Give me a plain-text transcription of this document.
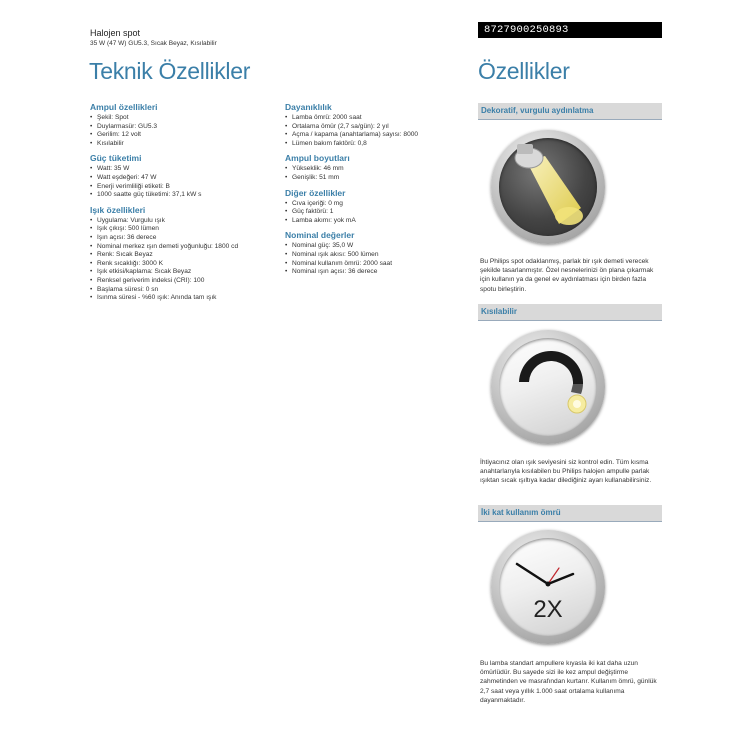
Halojen spot
35 W (47 W) GU5.3, Sıcak Beyaz, Kısılabilir
8727900250893
Teknik Özellikler	Özellikler
Ampul özellikleri
• Şekil: Spot
• Duylarmasür: GU5.3
• Gerilim: 12 volt
• Kısılabilir
Güç tüketimi
• Watt: 35 W
• Watt eşdeğeri: 47 W
• Enerji verimliliği etiketi: B
• 1000 saatte güç tüketimi: 37,1 kW s
Işık özellikleri
• Uygulama: Vurgulu ışık
• Işık çıkışı: 500 lümen
• Işın açısı: 36 derece
• Nominal merkez ışın demeti yoğunluğu: 1800 cd
• Renk: Sıcak Beyaz
• Renk sıcaklığı: 3000 K
• Işık etkisi/kaplama: Sıcak Beyaz
• Renksel geriverim indeksi (CRI): 100
• Başlama süresi: 0 sn
• Isınma süresi - %60 ışık: Anında tam ışık
Dayanıklılık
• Lamba ömrü: 2000 saat
• Ortalama ömür (2,7 sa/gün): 2 yıl
• Açma / kapama (anahtarlama) sayısı: 8000
• Lümen bakım faktörü: 0,8
Ampul boyutları
• Yükseklik: 46 mm
• Genişlik: 51 mm
Diğer özellikler
• Cıva içeriği: 0 mg
• Güç faktörü: 1
• Lamba akımı: yok mA
Nominal değerler
• Nominal güç: 35,0 W
• Nominal ışık akısı: 500 lümen
• Nominal kullanım ömrü: 2000 saat
• Nominal ışın açısı: 36 derece
Dekoratif, vurgulu aydınlatma
Bu Philips spot odaklanmış, parlak bir ışık demeti verecek şekilde tasarlanmıştır. Özel nesnelerinizi ön plana çıkarmak için kullanın ya da genel ev aydınlatması için birden fazla spotu birleştirin.
Kısılabilir
İhtiyacınız olan ışık seviyesini siz kontrol edin. Tüm kısma anahtarlarıyla kısılabilen bu Philips halojen ampulle parlak ışıktan sıcak ışıltıya kadar dilediğiniz ayarı kullanabilirsiniz.
İki kat kullanım ömrü
2X
Bu lamba standart ampullere kıyasla iki kat daha uzun ömürlüdür. Bu sayede sizi ile kez ampul değiştirme zahmetinden ve masrafından kurtarır. Kullanım ömrü, günlük 2,7 saat veya yıllık 1.000 saat ortalama kullanıma dayanmaktadır.
